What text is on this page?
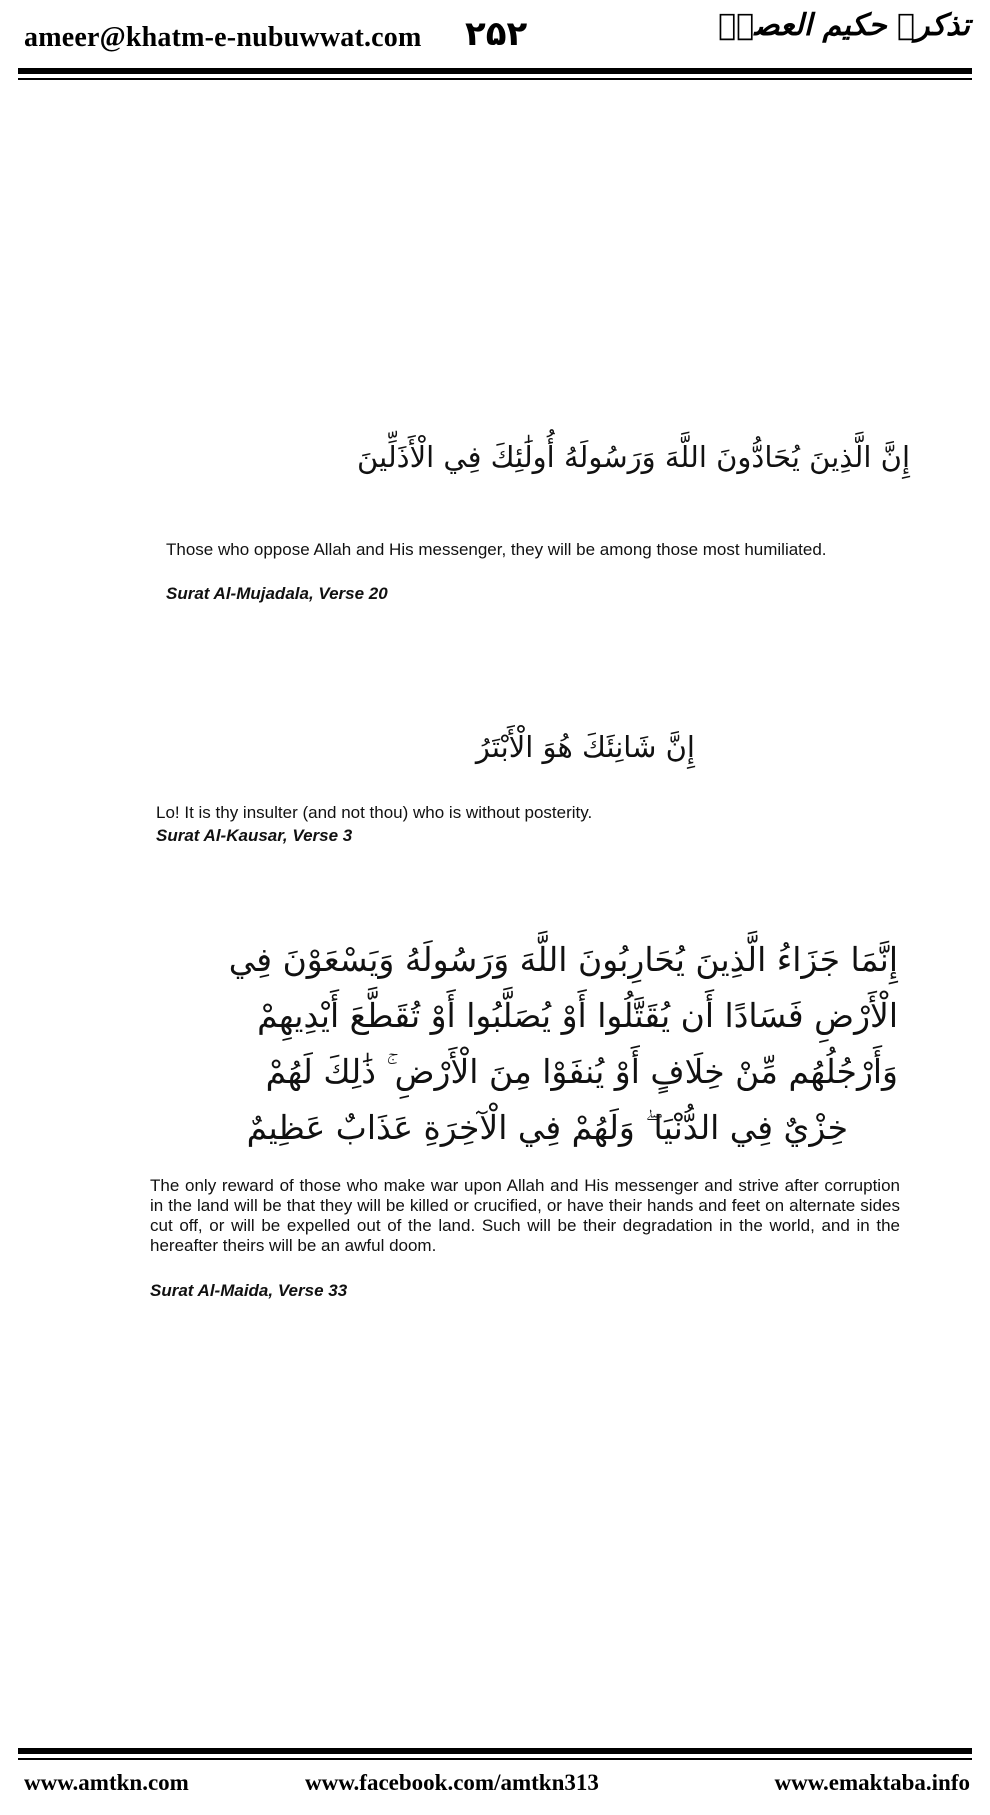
ameer@khatm-e-nubuwwat.com ۲۵۲	تذکرہ حکیم العصرؒ
إِنَّ الَّذِينَ يُحَادُّونَ اللَّهَ وَرَسُولَهُ أُولَٰئِكَ فِي الْأَذَلِّينَ
Those who oppose Allah and His messenger, they will be among those most humiliated.
Surat Al-Mujadala, Verse 20
إِنَّ شَانِئَكَ هُوَ الْأَبْتَرُ
Lo! It is thy insulter (and not thou) who is without posterity.
Surat Al-Kausar, Verse 3
إِنَّمَا جَزَاءُ الَّذِينَ يُحَارِبُونَ اللَّهَ وَرَسُولَهُ وَيَسْعَوْنَ فِي
الْأَرْضِ فَسَادًا أَن يُقَتَّلُوا أَوْ يُصَلَّبُوا أَوْ تُقَطَّعَ أَيْدِيهِمْ
وَأَرْجُلُهُم مِّنْ خِلَافٍ أَوْ يُنفَوْا مِنَ الْأَرْضِ ۚ ذَٰلِكَ لَهُمْ
خِزْيٌ فِي الدُّنْيَا ۖ وَلَهُمْ فِي الْآخِرَةِ عَذَابٌ عَظِيمٌ
The only reward of those who make war upon Allah and His messenger and strive after corruption in the land will be that they will be killed or crucified, or have their hands and feet on alternate sides cut off, or will be expelled out of the land. Such will be their degradation in the world, and in the hereafter theirs will be an awful doom.
Surat Al-Maida, Verse 33
www.amtkn.com	www.facebook.com/amtkn313	www.emaktaba.info
